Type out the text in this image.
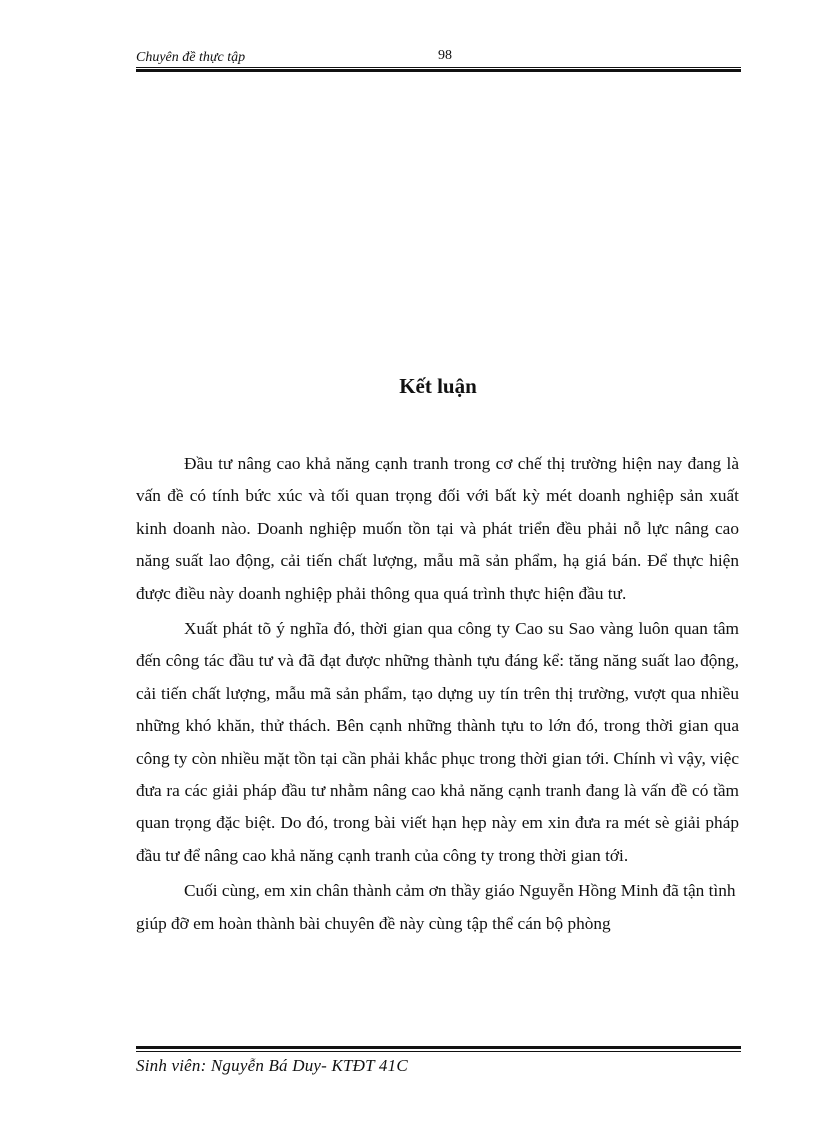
Chuyên đề thực tập	98
Kết luận

Đầu tư nâng cao khả năng cạnh tranh trong cơ chế thị trường hiện nay đang là vấn đề có tính bức xúc và tối quan trọng đối với bất kỳ mét doanh nghiệp sản xuất kinh doanh nào. Doanh nghiệp muốn tồn tại và phát triển đều phải nỗ lực nâng cao năng suất lao động, cải tiến chất lượng, mẫu mã sản phẩm, hạ giá bán. Để thực hiện được điều này doanh nghiệp phải thông qua quá trình thực hiện đầu tư.

Xuất phát tõ ý nghĩa đó, thời gian qua công ty Cao su Sao vàng luôn quan tâm đến công tác đầu tư và đã đạt được những thành tựu đáng kể: tăng năng suất lao động, cải tiến chất lượng, mẫu mã sản phẩm, tạo dựng uy tín trên thị trường, vượt qua nhiều những khó khăn, thử thách. Bên cạnh những thành tựu to lớn đó, trong thời gian qua công ty còn nhiều mặt tồn tại cần phải khắc phục trong thời gian tới. Chính vì vậy, việc đưa ra các giải pháp đầu tư nhằm nâng cao khả năng cạnh tranh đang là vấn đề có tầm quan trọng đặc biệt. Do đó, trong bài viết hạn hẹp này em xin đưa ra mét sè giải pháp đầu tư để nâng cao khả năng cạnh tranh của công ty trong thời gian tới.

Cuối cùng, em xin chân thành cảm ơn thầy giáo Nguyễn Hồng Minh đã tận tình giúp đỡ em hoàn thành bài chuyên đề này cùng tập thể cán bộ phòng

Sinh viên: Nguyễn Bá Duy- KTĐT 41C
